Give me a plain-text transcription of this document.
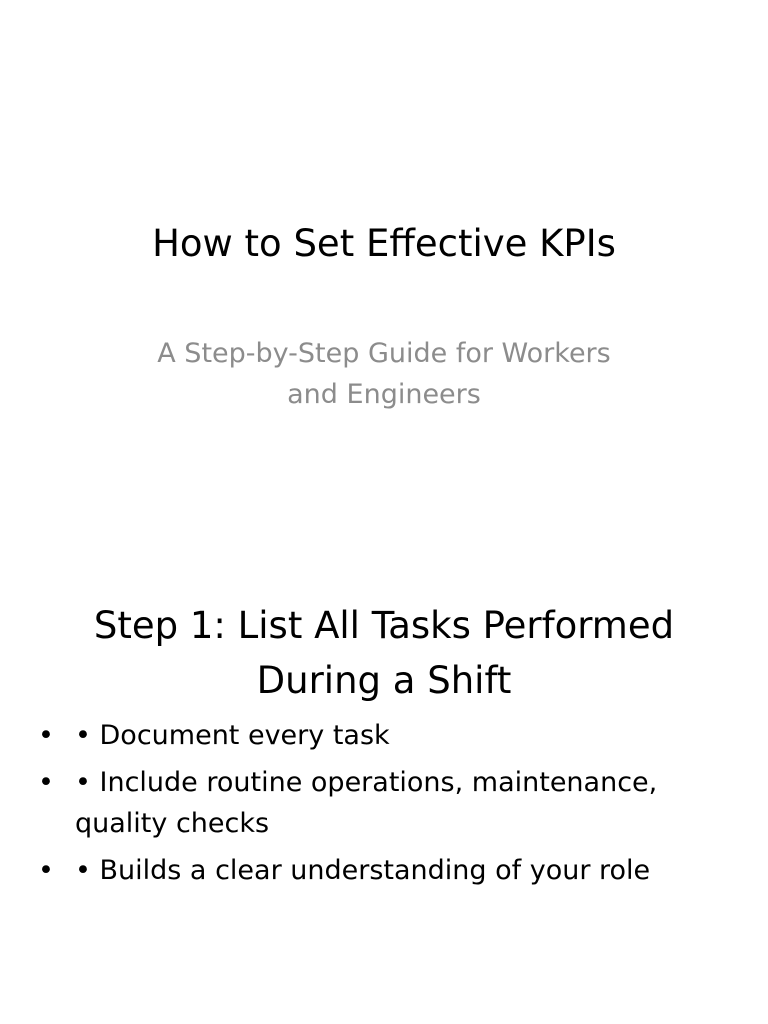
How to Set Effective KPIs

A Step-by-Step Guide for Workers and Engineers

Step 1: List All Tasks Performed During a Shift
• • Document every task
• • Include routine operations, maintenance, quality checks
• • Builds a clear understanding of your role
